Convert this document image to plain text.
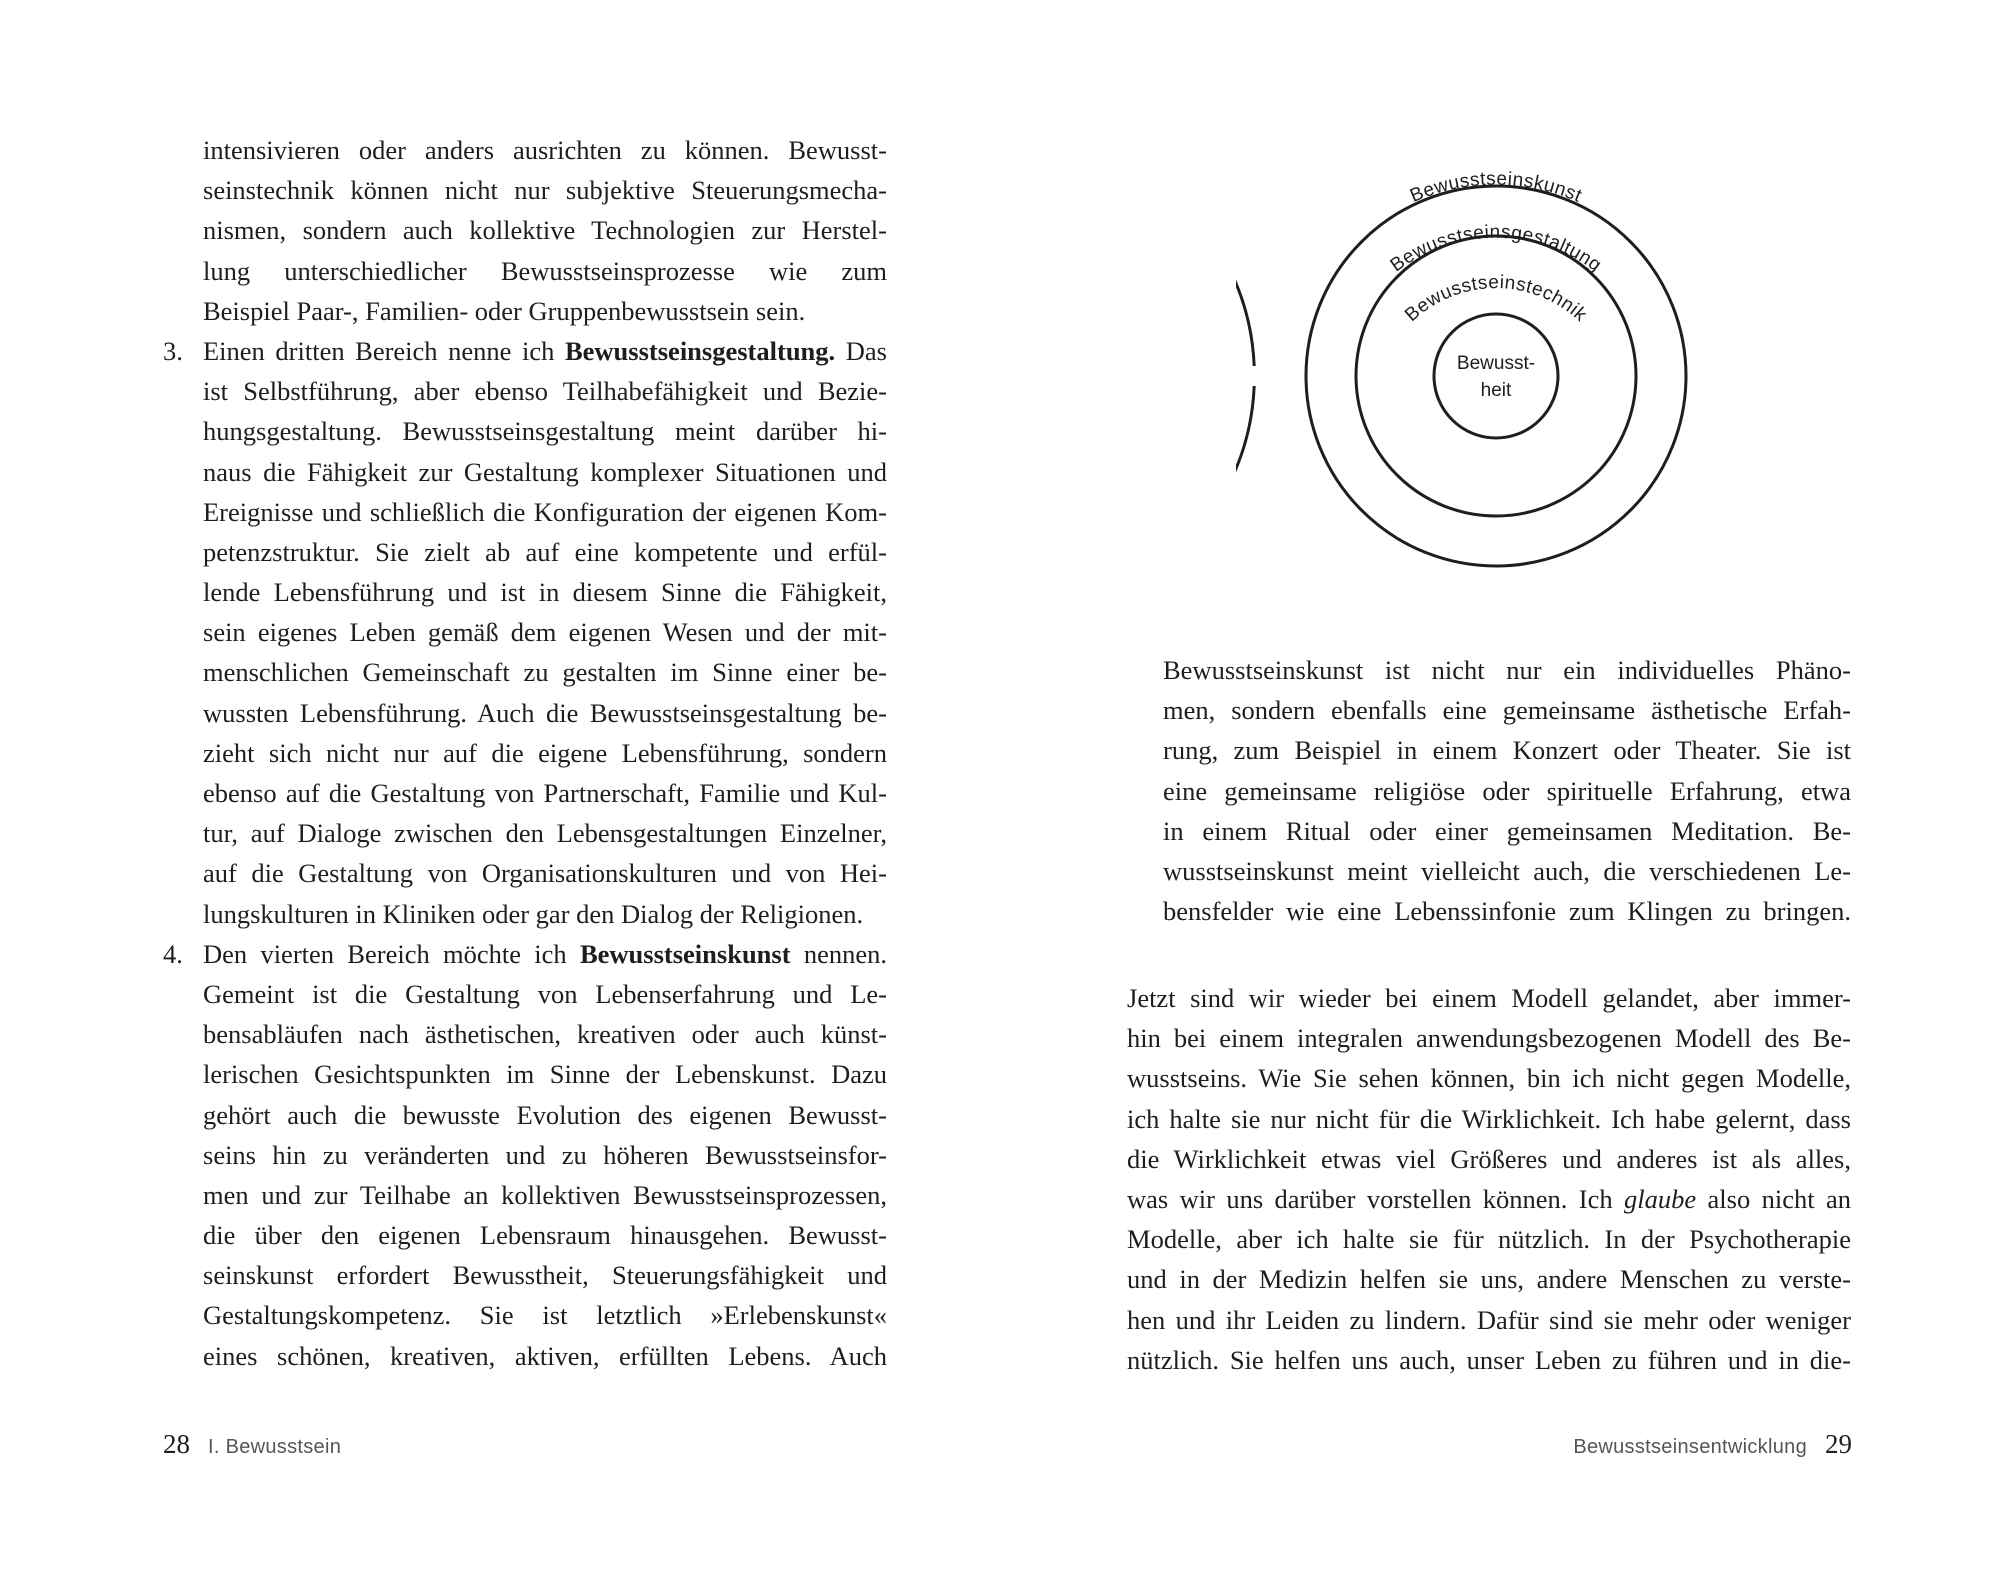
intensivieren oder anders ausrichten zu können. Bewusst-
seinstechnik können nicht nur subjektive Steuerungsmecha-
nismen, sondern auch kollektive Technologien zur Herstel-
lung unterschiedlicher Bewusstseinsprozesse wie zum
Beispiel Paar-, Familien- oder Gruppenbewusstsein sein.
3. Einen dritten Bereich nenne ich Bewusstseinsgestaltung. Das
ist Selbstführung, aber ebenso Teilhabefähigkeit und Bezie-
hungsgestaltung. Bewusstseinsgestaltung meint darüber hi-
naus die Fähigkeit zur Gestaltung komplexer Situationen und
Ereignisse und schließlich die Konfiguration der eigenen Kom-
petenzstruktur. Sie zielt ab auf eine kompetente und erfül-
lende Lebensführung und ist in diesem Sinne die Fähigkeit,
sein eigenes Leben gemäß dem eigenen Wesen und der mit-
menschlichen Gemeinschaft zu gestalten im Sinne einer be-
wussten Lebensführung. Auch die Bewusstseinsgestaltung be-
zieht sich nicht nur auf die eigene Lebensführung, sondern
ebenso auf die Gestaltung von Partnerschaft, Familie und Kul-
tur, auf Dialoge zwischen den Lebensgestaltungen Einzelner,
auf die Gestaltung von Organisationskulturen und von Hei-
lungskulturen in Kliniken oder gar den Dialog der Religionen.
4. Den vierten Bereich möchte ich Bewusstseinskunst nennen.
Gemeint ist die Gestaltung von Lebenserfahrung und Le-
bensabläufen nach ästhetischen, kreativen oder auch künst-
lerischen Gesichtspunkten im Sinne der Lebenskunst. Dazu
gehört auch die bewusste Evolution des eigenen Bewusst-
seins hin zu veränderten und zu höheren Bewusstseinsfor-
men und zur Teilhabe an kollektiven Bewusstseinsprozessen,
die über den eigenen Lebensraum hinausgehen. Bewusst-
seinskunst erfordert Bewusstheit, Steuerungsfähigkeit und
Gestaltungskompetenz. Sie ist letztlich »Erlebenskunst«
eines schönen, kreativen, aktiven, erfüllten Lebens. Auch
28 I. Bewusstsein
Bewusstseinskunst
Bewusstseinsgestaltung
Bewusstseinstechnik
Bewusst-
heit
Bewusstseinskunst ist nicht nur ein individuelles Phäno-
men, sondern ebenfalls eine gemeinsame ästhetische Erfah-
rung, zum Beispiel in einem Konzert oder Theater. Sie ist
eine gemeinsame religiöse oder spirituelle Erfahrung, etwa
in einem Ritual oder einer gemeinsamen Meditation. Be-
wusstseinskunst meint vielleicht auch, die verschiedenen Le-
bensfelder wie eine Lebenssinfonie zum Klingen zu bringen.
Jetzt sind wir wieder bei einem Modell gelandet, aber immer-
hin bei einem integralen anwendungsbezogenen Modell des Be-
wusstseins. Wie Sie sehen können, bin ich nicht gegen Modelle,
ich halte sie nur nicht für die Wirklichkeit. Ich habe gelernt, dass
die Wirklichkeit etwas viel Größeres und anderes ist als alles,
was wir uns darüber vorstellen können. Ich glaube also nicht an
Modelle, aber ich halte sie für nützlich. In der Psychotherapie
und in der Medizin helfen sie uns, andere Menschen zu verste-
hen und ihr Leiden zu lindern. Dafür sind sie mehr oder weniger
nützlich. Sie helfen uns auch, unser Leben zu führen und in die-
Bewusstseinsentwicklung 29
